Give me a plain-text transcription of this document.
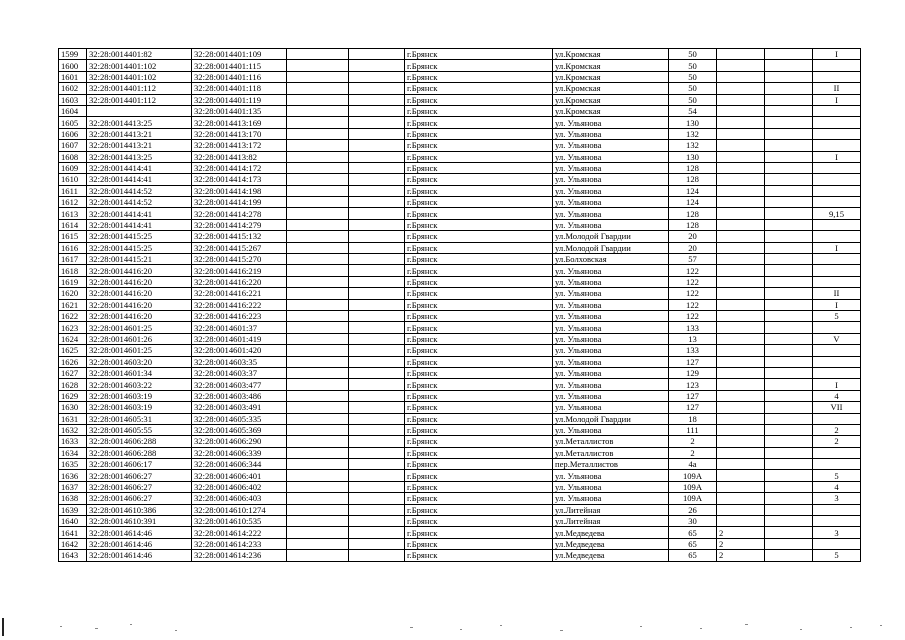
1599	32:28:0014401:82	32:28:0014401:109			г.Брянск	ул.Кромская	50			I
1600	32:28:0014401:102	32:28:0014401:115			г.Брянск	ул.Кромская	50			
1601	32:28:0014401:102	32:28:0014401:116			г.Брянск	ул.Кромская	50			
1602	32:28:0014401:112	32:28:0014401:118			г.Брянск	ул.Кромская	50			II
1603	32:28:0014401:112	32:28:0014401:119			г.Брянск	ул.Кромская	50			I
1604		32:28:0014401:135			г.Брянск	ул.Кромская	54			
1605	32:28:0014413:25	32:28:0014413:169			г.Брянск	ул. Ульянова	130			
1606	32:28:0014413:21	32:28:0014413:170			г.Брянск	ул. Ульянова	132			
1607	32:28:0014413:21	32:28:0014413:172			г.Брянск	ул. Ульянова	132			
1608	32:28:0014413:25	32:28:0014413:82			г.Брянск	ул. Ульянова	130			I
1609	32:28:0014414:41	32:28:0014414:172			г.Брянск	ул. Ульянова	128			
1610	32:28:0014414:41	32:28:0014414:173			г.Брянск	ул. Ульянова	128			
1611	32:28:0014414:52	32:28:0014414:198			г.Брянск	ул. Ульянова	124			
1612	32:28:0014414:52	32:28:0014414:199			г.Брянск	ул. Ульянова	124			
1613	32:28:0014414:41	32:28:0014414:278			г.Брянск	ул. Ульянова	128			9,15
1614	32:28:0014414:41	32:28:0014414:279			г.Брянск	ул. Ульянова	128			
1615	32:28:0014415:25	32:28:0014415:132			г.Брянск	ул.Молодой Гвардии	20			
1616	32:28:0014415:25	32:28:0014415:267			г.Брянск	ул.Молодой Гвардии	20			I
1617	32:28:0014415:21	32:28:0014415:270			г.Брянск	ул.Болховская	57			
1618	32:28:0014416:20	32:28:0014416:219			г.Брянск	ул. Ульянова	122			
1619	32:28:0014416:20	32:28:0014416:220			г.Брянск	ул. Ульянова	122			
1620	32:28:0014416:20	32:28:0014416:221			г.Брянск	ул. Ульянова	122			II
1621	32:28:0014416:20	32:28:0014416:222			г.Брянск	ул. Ульянова	122			I
1622	32:28:0014416:20	32:28:0014416:223			г.Брянск	ул. Ульянова	122			5
1623	32:28:0014601:25	32:28:0014601:37			г.Брянск	ул. Ульянова	133			
1624	32:28:0014601:26	32:28:0014601:419			г.Брянск	ул. Ульянова	13			V
1625	32:28:0014601:25	32:28:0014601:420			г.Брянск	ул. Ульянова	133			
1626	32:28:0014603:20	32:28:0014603:35			г.Брянск	ул. Ульянова	127			
1627	32:28:0014601:34	32:28:0014603:37			г.Брянск	ул. Ульянова	129			
1628	32:28:0014603:22	32:28:0014603:477			г.Брянск	ул. Ульянова	123			I
1629	32:28:0014603:19	32:28:0014603:486			г.Брянск	ул. Ульянова	127			4
1630	32:28:0014603:19	32:28:0014603:491			г.Брянск	ул. Ульянова	127			VII
1631	32:28:0014605:31	32:28:0014605:335			г.Брянск	ул.Молодой Гвардии	18			
1632	32:28:0014605:55	32:28:0014605:369			г.Брянск	ул. Ульянова	111			2
1633	32:28:0014606:288	32:28:0014606:290			г.Брянск	ул.Металлистов	2			2
1634	32:28:0014606:288	32:28:0014606:339			г.Брянск	ул.Металлистов	2			
1635	32:28:0014606:17	32:28:0014606:344			г.Брянск	пер.Металлистов	4а			
1636	32:28:0014606:27	32:28:0014606:401			г.Брянск	ул. Ульянова	109А			5
1637	32:28:0014606:27	32:28:0014606:402			г.Брянск	ул. Ульянова	109А			4
1638	32:28:0014606:27	32:28:0014606:403			г.Брянск	ул. Ульянова	109А			3
1639	32:28:0014610:386	32:28:0014610:1274			г.Брянск	ул.Литейная	26			
1640	32:28:0014610:391	32:28:0014610:535			г.Брянск	ул.Литейная	30			
1641	32:28:0014614:46	32:28:0014614:222			г.Брянск	ул.Медведева	65	2		3
1642	32:28:0014614:46	32:28:0014614:233			г.Брянск	ул.Медведева	65	2		
1643	32:28:0014614:46	32:28:0014614:236			г.Брянск	ул.Медведева	65	2		5
